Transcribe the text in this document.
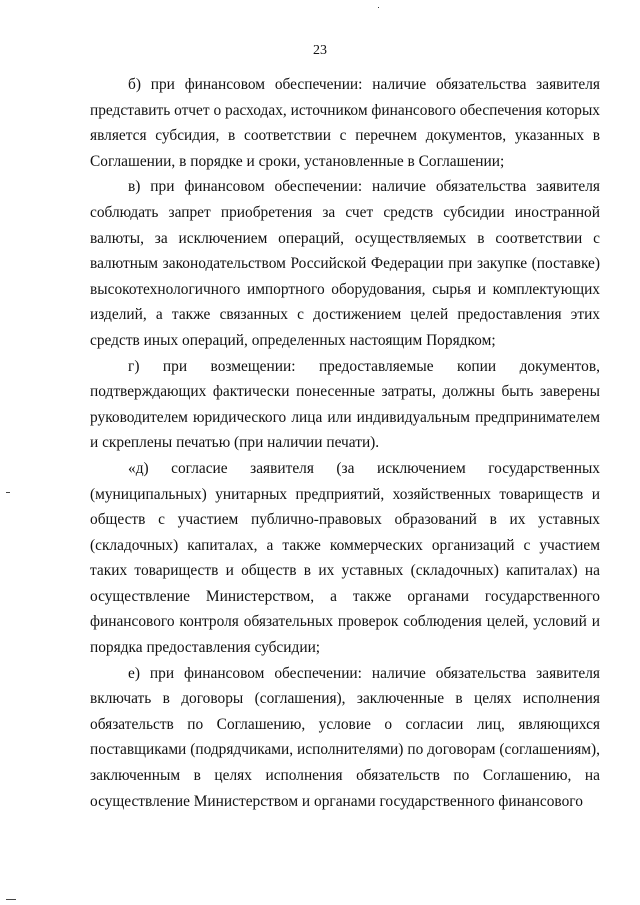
23

б) при финансовом обеспечении: наличие обязательства заявителя представить отчет о расходах, источником финансового обеспечения которых является субсидия, в соответствии с перечнем документов, указанных в Соглашении, в порядке и сроки, установленные в Соглашении;

в) при финансовом обеспечении: наличие обязательства заявителя соблюдать запрет приобретения за счет средств субсидии иностранной валюты, за исключением операций, осуществляемых в соответствии с валютным законодательством Российской Федерации при закупке (поставке) высокотехнологичного импортного оборудования, сырья и комплектующих изделий, а также связанных с достижением целей предоставления этих средств иных операций, определенных настоящим Порядком;

г) при возмещении: предоставляемые копии документов, подтверждающих фактически понесенные затраты, должны быть заверены руководителем юридического лица или индивидуальным предпринимателем и скреплены печатью (при наличии печати).

«д) согласие заявителя (за исключением государственных (муниципальных) унитарных предприятий, хозяйственных товариществ и обществ с участием публично-правовых образований в их уставных (складочных) капиталах, а также коммерческих организаций с участием таких товариществ и обществ в их уставных (складочных) капиталах) на осуществление Министерством, а также органами государственного финансового контроля обязательных проверок соблюдения целей, условий и порядка предоставления субсидии;

е) при финансовом обеспечении: наличие обязательства заявителя включать в договоры (соглашения), заключенные в целях исполнения обязательств по Соглашению, условие о согласии лиц, являющихся поставщиками (подрядчиками, исполнителями) по договорам (соглашениям), заключенным в целях исполнения обязательств по Соглашению, на осуществление Министерством и органами государственного финансового
